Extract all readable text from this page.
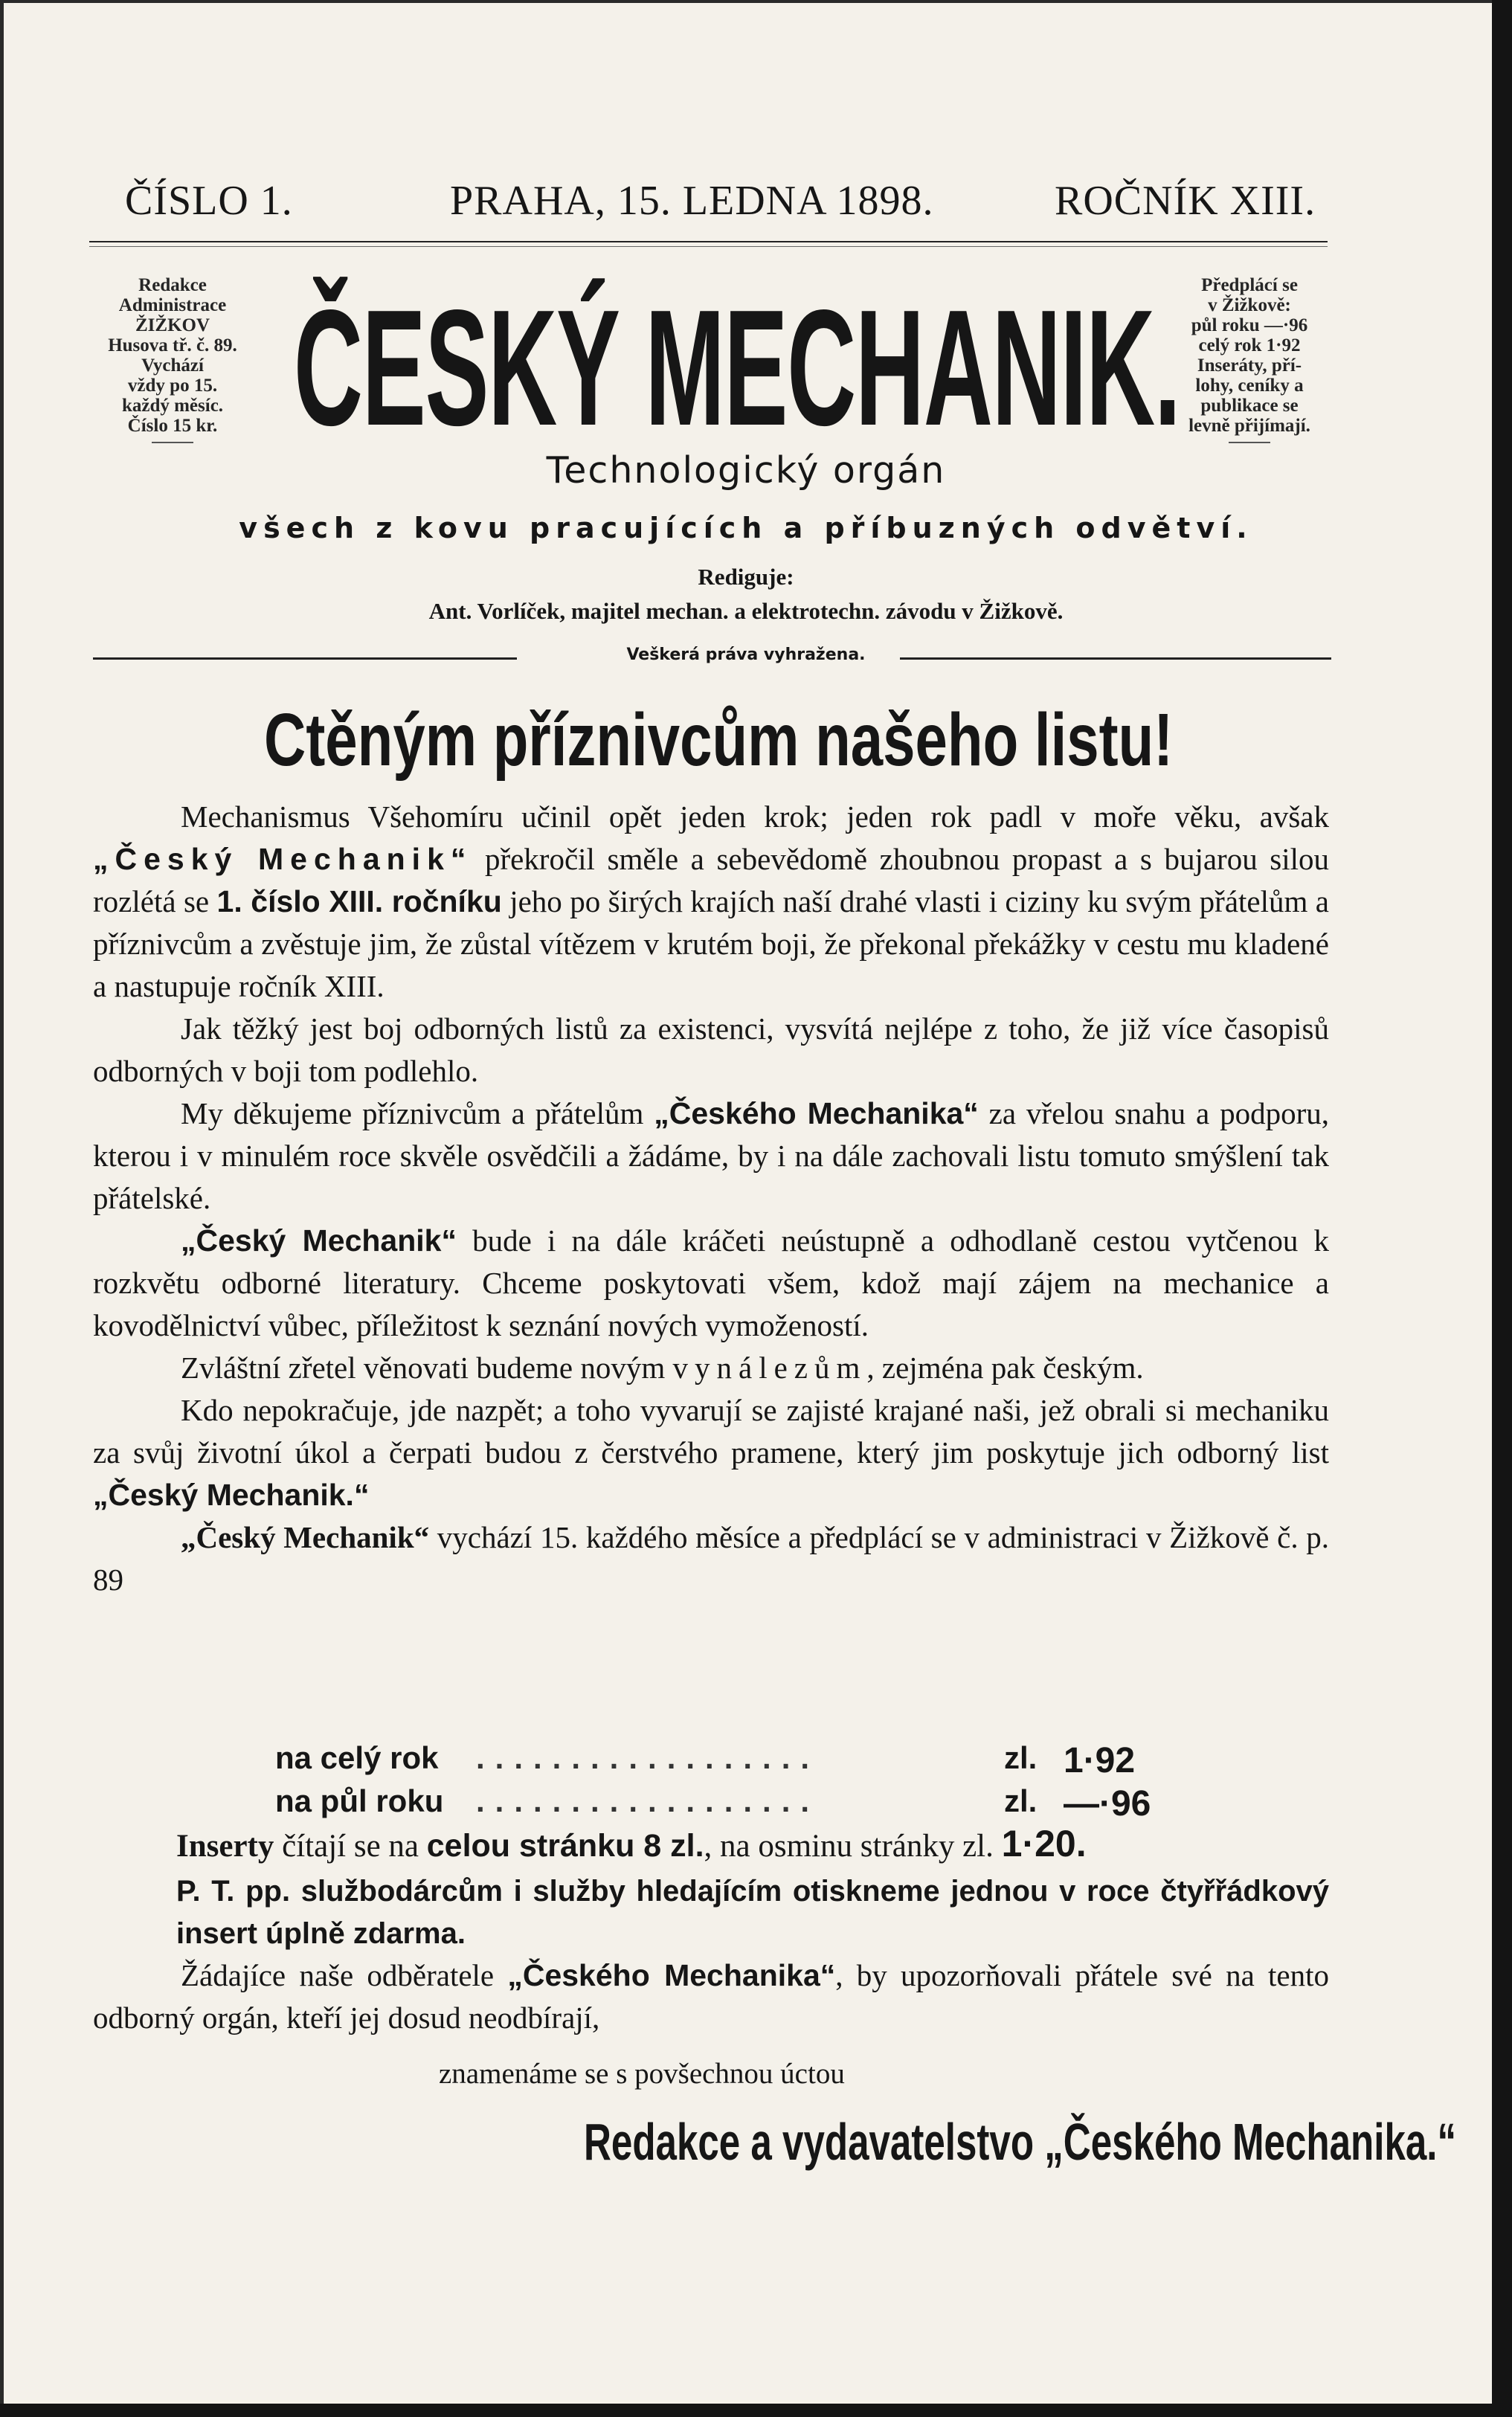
ČÍSLO 1.	PRAHA, 15. LEDNA 1898.	ROČNÍK XIII.
Redakce
Administrace
ŽIŽKOV
Husova tř. č. 89.
Vychází
vždy po 15.
každý měsíc.
Číslo 15 kr. ČESKÝ MECHANIK.	Předplácí se
v Žižkově:
půl roku —·96
celý rok 1·92
Inseráty, pří-
lohy, ceníky a
publikace se
levně přijímají.
Technologický orgán
všech z kovu pracujících a příbuzných odvětví.
Rediguje:
Ant. Vorlíček, majitel mechan. a elektrotechn. závodu v Žižkově.
Veškerá práva vyhražena.
Ctěným příznivcům našeho listu!

Mechanismus Všehomíru učinil opět jeden krok; jeden rok padl v moře věku, avšak „Český Mechanik“ překročil směle a sebevědomě zhoubnou propast a s bujarou silou rozlétá se 1. číslo XIII. ročníku jeho po širých krajích naší drahé vlasti i ciziny ku svým přátelům a příznivcům a zvěstuje jim, že zůstal vítězem v krutém boji, že překonal překážky v cestu mu kladené a nastupuje ročník XIII.

Jak těžký jest boj odborných listů za existenci, vysvítá nejlépe z toho, že již více časopisů odborných v boji tom podlehlo.

My děkujeme příznivcům a přátelům „Českého Mechanika“ za vřelou snahu a podporu, kterou i v minulém roce skvěle osvědčili a žádáme, by i na dále zachovali listu tomuto smýšlení tak přátelské.

„Český Mechanik“ bude i na dále kráčeti neústupně a odhodlaně cestou vytčenou k rozkvětu odborné literatury. Chceme poskytovati všem, kdož mají zájem na mechanice a kovodělnictví vůbec, příležitost k seznání nových vymožeností.

Zvláštní zřetel věnovati budeme novým vynálezům, zejména pak českým.

Kdo nepokračuje, jde nazpět; a toho vyvarují se zajisté krajané naši, jež obrali si mechaniku za svůj životní úkol a čerpati budou z čerstvého pramene, který jim poskytuje jich odborný list „Český Mechanik.“

„Český Mechanik“ vychází 15. každého měsíce a předplácí se v administraci v Žižkově č. p. 89

na celý rok ..................	zl. 1·92
na půl roku ..................	zl. —·96
Inserty čítají se na celou stránku 8 zl., na osminu stránky zl. 1·20.
P. T. pp. službodárcům i služby hledajícím otiskneme jednou v roce čtyřřádkový insert úplně zdarma.

Žádajíce naše odběratele „Českého Mechanika“, by upozorňovali přátele své na tento odborný orgán, kteří jej dosud neodbírají,

znamenáme se s povšechnou úctou
Redakce a vydavatelstvo „Českého Mechanika.“
